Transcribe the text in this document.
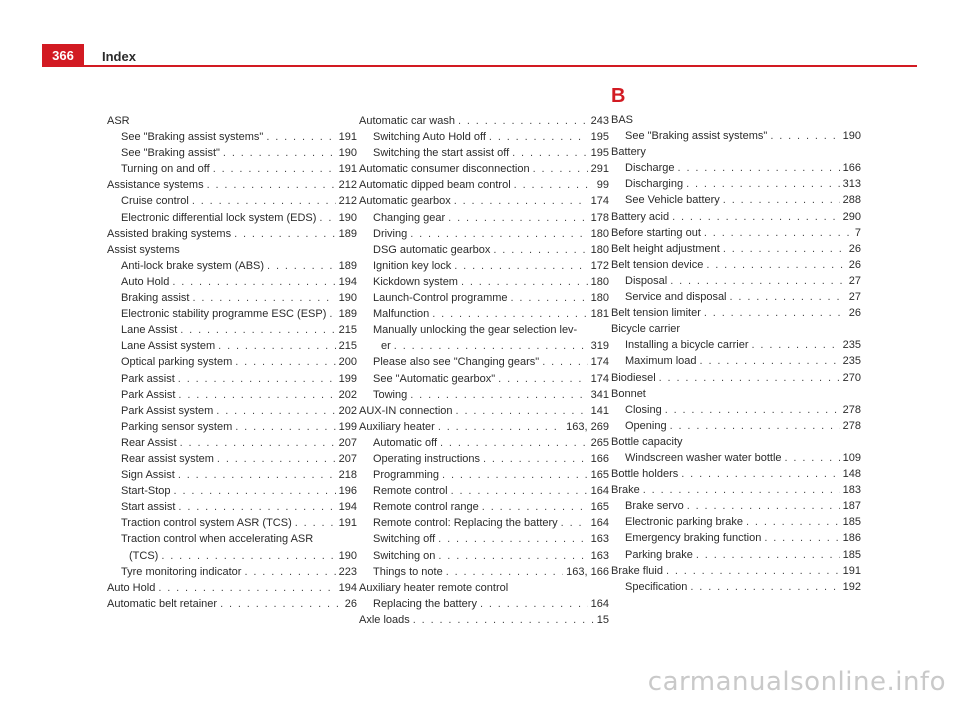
366	Index
ASR
See "Braking assist systems" . . .	191
See "Braking assist" . . .	190
Turning on and off . . .	191
Assistance systems . . .	212
Cruise control . . .	212
Electronic differential lock system (EDS) . . . 190
Assisted braking systems . . .	189
Assist systems
Anti-lock brake system (ABS) . . .	189
Auto Hold . . .	194
Braking assist . . .	190
Electronic stability programme ESC (ESP) . . . 189
Lane Assist . . .	215
Lane Assist system . . .	215
Optical parking system . . .	200
Park assist . . .	199
Park Assist . . .	202
Park Assist system . . .	202
Parking sensor system . . .	199
Rear Assist . . .	207
Rear assist system . . .	207
Sign Assist . . .	218
Start-Stop . . .	196
Start assist . . .	194
Traction control system ASR (TCS) . . .	191
Traction control when accelerating ASR
(TCS) . . .	190
Tyre monitoring indicator . . .	223
Auto Hold . . .	194
Automatic belt retainer . . .	26
Automatic car wash . . .	243
Switching Auto Hold off . . .	195
Switching the start assist off . . .	195
Automatic consumer disconnection . . .	291
Automatic dipped beam control . . .	99
Automatic gearbox . . .	174
Changing gear . . .	178
Driving . . .	180
DSG automatic gearbox . . .	180
Ignition key lock . . .	172
Kickdown system . . .	180
Launch-Control programme . . .	180
Malfunction . . .	181
Manually unlocking the gear selection lev-
er . . .	319
Please also see "Changing gears" . . .	174
See "Automatic gearbox" . . .	174
Towing . . .	341
AUX-IN connection . . .	141
Auxiliary heater . . .	163, 269
Automatic off . . .	265
Operating instructions . . .	166
Programming . . .	165
Remote control . . .	164
Remote control range . . .	165
Remote control: Replacing the battery . . .	164
Switching off . . .	163
Switching on . . .	163
Things to note . . .	163, 166
Auxiliary heater remote control
Replacing the battery . . .	164
Axle loads . . .	15
B
BAS
See "Braking assist systems" . . .	190
Battery
Discharge . . .	166
Discharging . . .	313
See Vehicle battery . . .	288
Battery acid . . .	290
Before starting out . . .	7
Belt height adjustment . . .	26
Belt tension device . . .	26
Disposal . . .	27
Service and disposal . . .	27
Belt tension limiter . . .	26
Bicycle carrier
Installing a bicycle carrier . . .	235
Maximum load . . .	235
Biodiesel . . .	270
Bonnet
Closing . . .	278
Opening . . .	278
Bottle capacity
Windscreen washer water bottle . . .	109
Bottle holders . . .	148
Brake . . .	183
Brake servo . . .	187
Electronic parking brake . . .	185
Emergency braking function . . .	186
Parking brake . . .	185
Brake fluid . . .	191
Specification . . .	192
carmanualsonline.info
